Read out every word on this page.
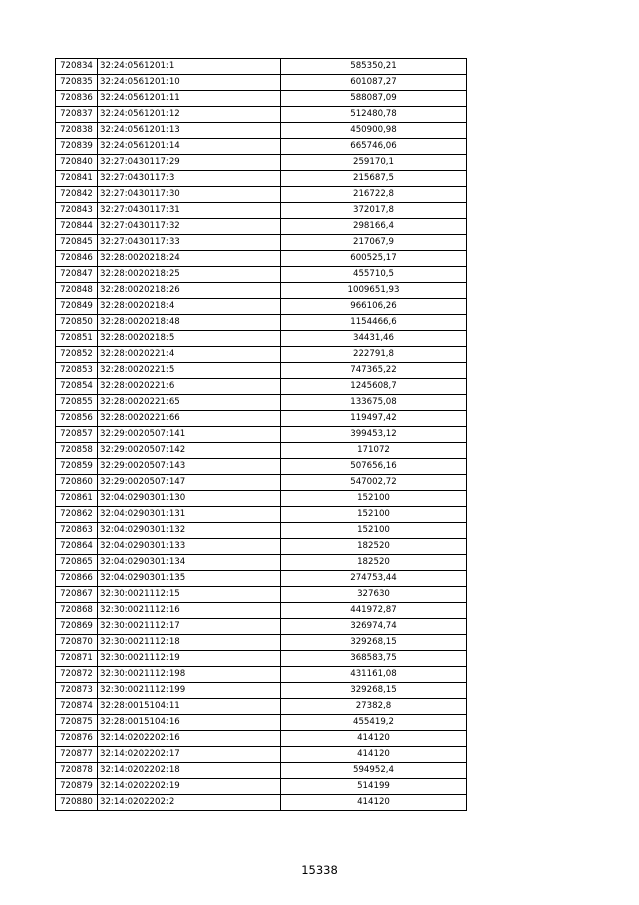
720834	32:24:0561201:1	585350,21
720835	32:24:0561201:10	601087,27
720836	32:24:0561201:11	588087,09
720837	32:24:0561201:12	512480,78
720838	32:24:0561201:13	450900,98
720839	32:24:0561201:14	665746,06
720840	32:27:0430117:29	259170,1
720841	32:27:0430117:3	215687,5
720842	32:27:0430117:30	216722,8
720843	32:27:0430117:31	372017,8
720844	32:27:0430117:32	298166,4
720845	32:27:0430117:33	217067,9
720846	32:28:0020218:24	600525,17
720847	32:28:0020218:25	455710,5
720848	32:28:0020218:26	1009651,93
720849	32:28:0020218:4	966106,26
720850	32:28:0020218:48	1154466,6
720851	32:28:0020218:5	34431,46
720852	32:28:0020221:4	222791,8
720853	32:28:0020221:5	747365,22
720854	32:28:0020221:6	1245608,7
720855	32:28:0020221:65	133675,08
720856	32:28:0020221:66	119497,42
720857	32:29:0020507:141	399453,12
720858	32:29:0020507:142	171072
720859	32:29:0020507:143	507656,16
720860	32:29:0020507:147	547002,72
720861	32:04:0290301:130	152100
720862	32:04:0290301:131	152100
720863	32:04:0290301:132	152100
720864	32:04:0290301:133	182520
720865	32:04:0290301:134	182520
720866	32:04:0290301:135	274753,44
720867	32:30:0021112:15	327630
720868	32:30:0021112:16	441972,87
720869	32:30:0021112:17	326974,74
720870	32:30:0021112:18	329268,15
720871	32:30:0021112:19	368583,75
720872	32:30:0021112:198	431161,08
720873	32:30:0021112:199	329268,15
720874	32:28:0015104:11	27382,8
720875	32:28:0015104:16	455419,2
720876	32:14:0202202:16	414120
720877	32:14:0202202:17	414120
720878	32:14:0202202:18	594952,4
720879	32:14:0202202:19	514199
720880	32:14:0202202:2	414120
15338
